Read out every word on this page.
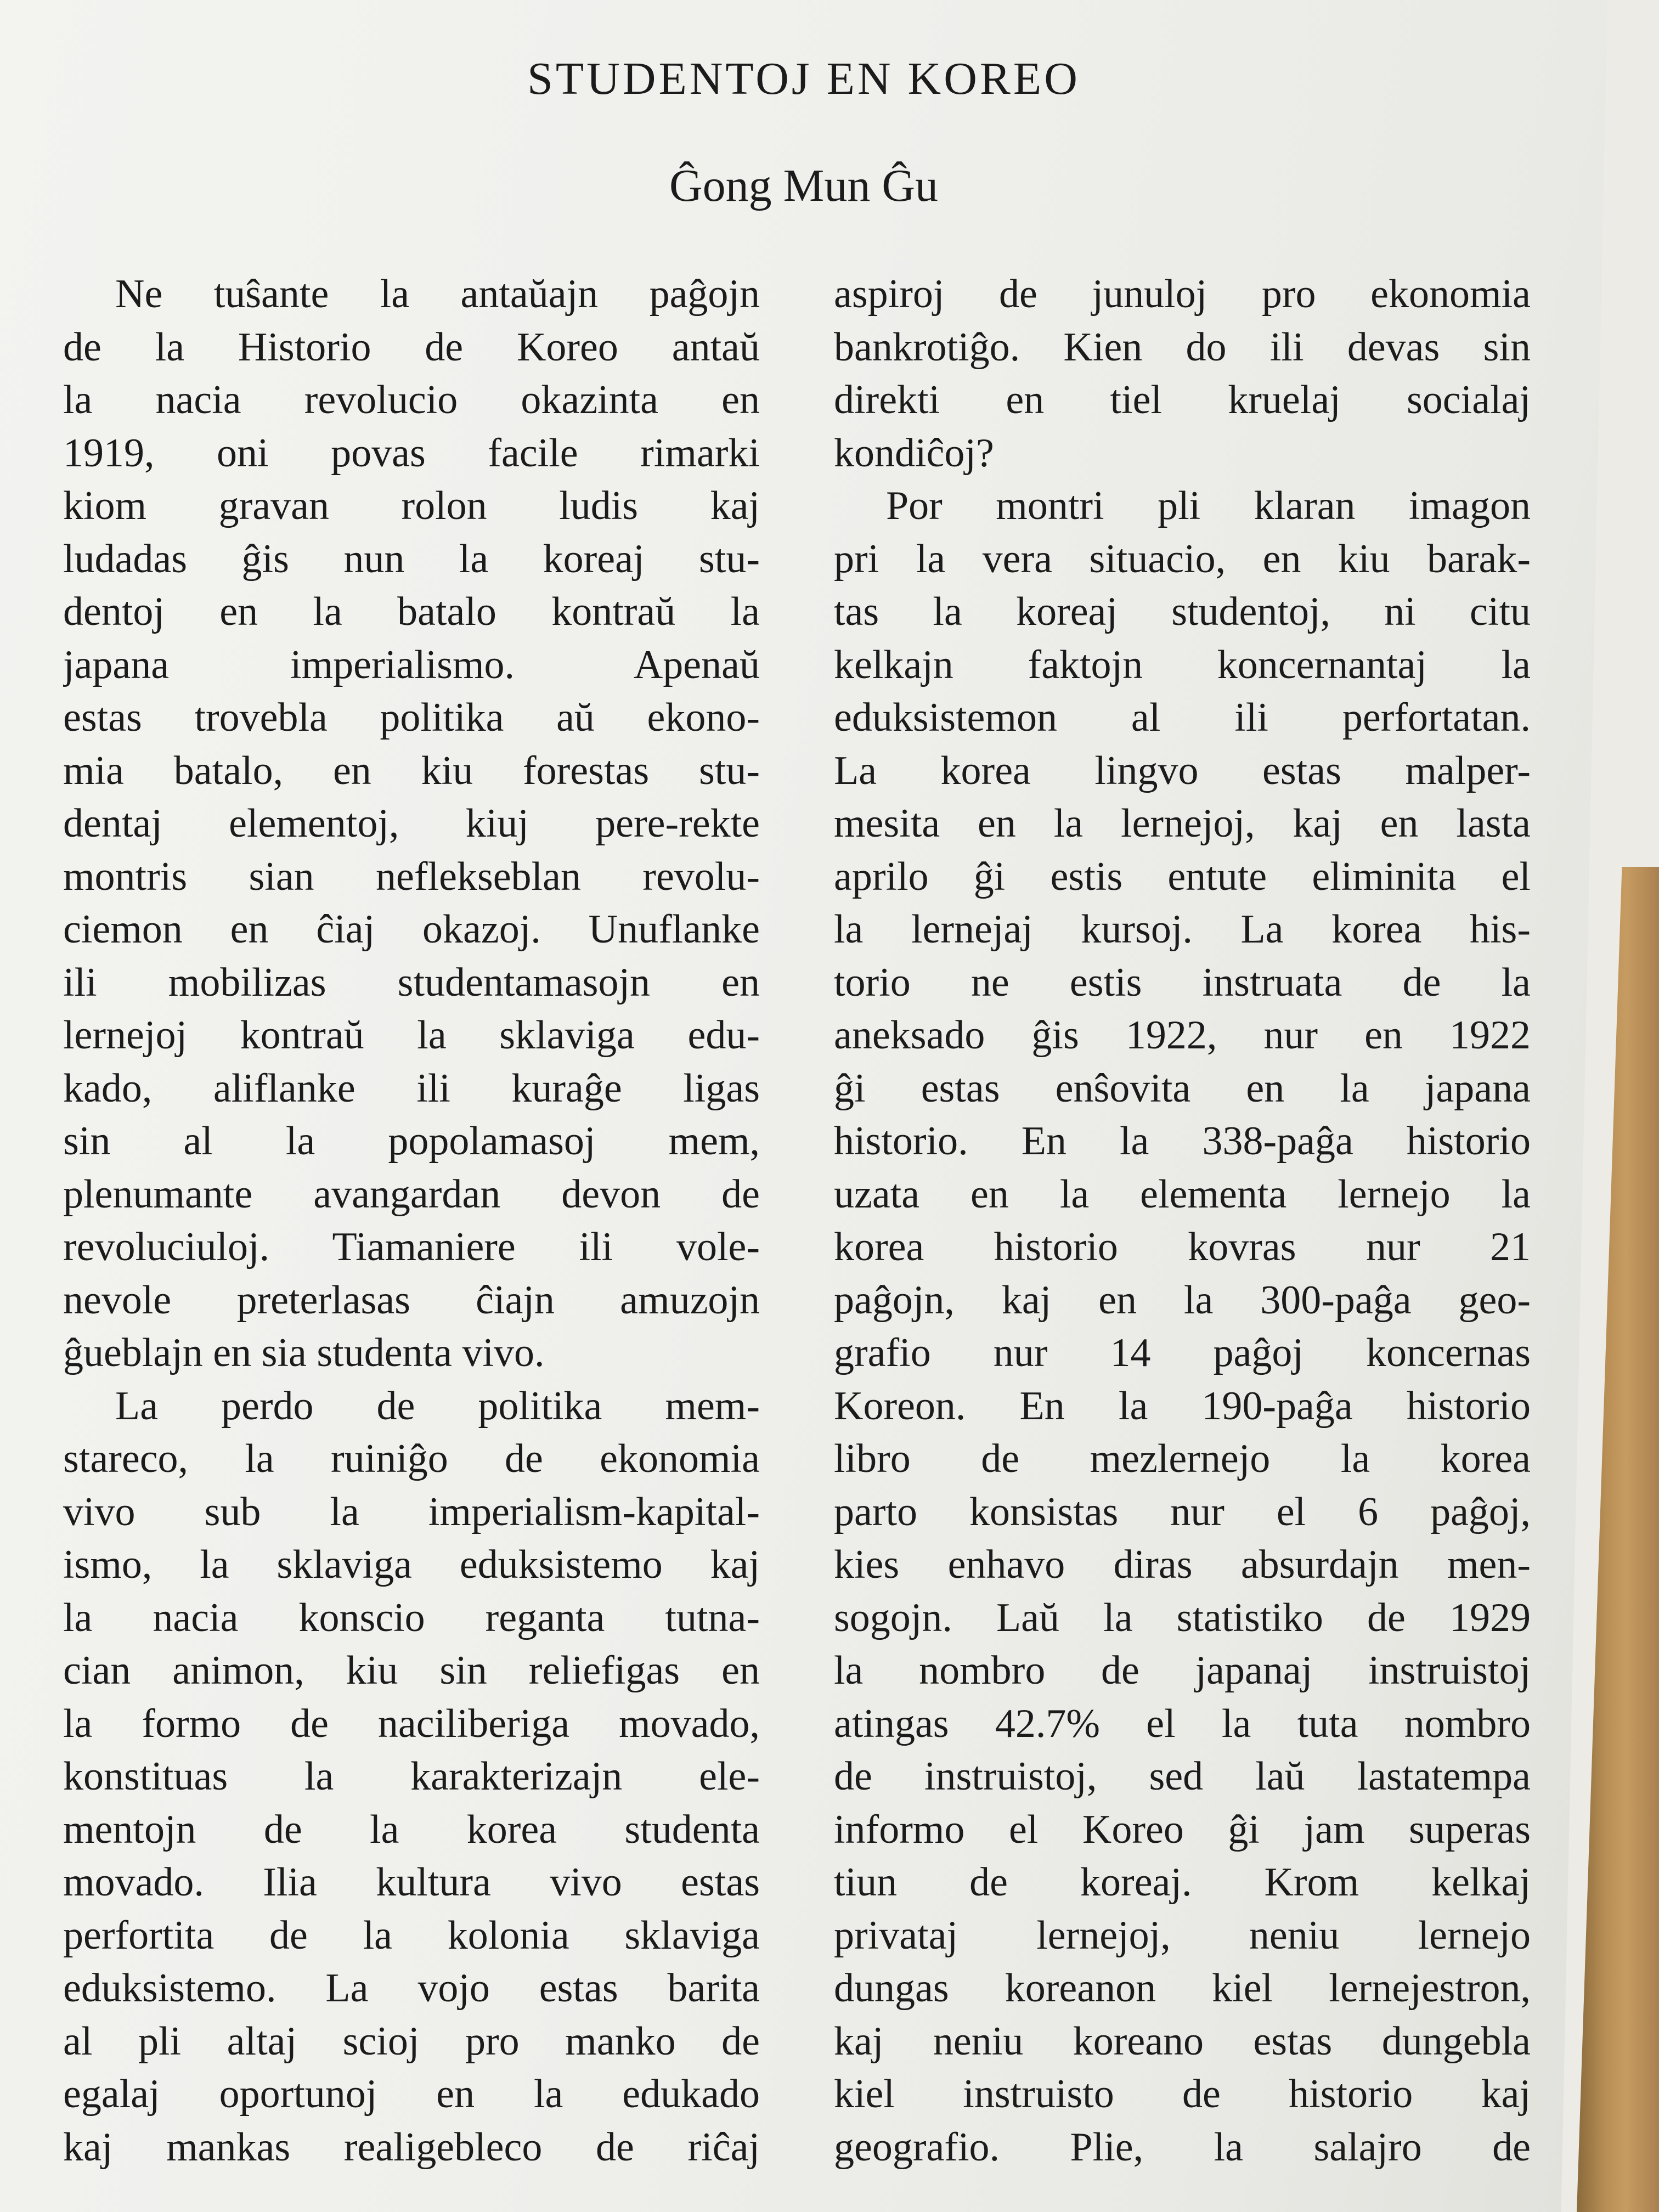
STUDENTOJ EN KOREO
Ĝong Mun Ĝu
Ne tuŝante la antaŭajn paĝojn
de la Historio de Koreo antaŭ
la nacia revolucio okazinta en
1919, oni povas facile rimarki
kiom gravan rolon ludis kaj
ludadas ĝis nun la koreaj stu-
dentoj en la batalo kontraŭ la
japana imperialismo. Apenaŭ
estas trovebla politika aŭ ekono-
mia batalo, en kiu forestas stu-
dentaj elementoj, kiuj pere-rekte
montris sian neflekseblan revolu-
ciemon en ĉiaj okazoj. Unuflanke
ili mobilizas studentamasojn en
lernejoj kontraŭ la sklaviga edu-
kado, aliflanke ili kuraĝe ligas
sin al la popolamasoj mem,
plenumante avangardan devon de
revoluciuloj. Tiamaniere ili vole-
nevole preterlasas ĉiajn amuzojn
ĝueblajn en sia studenta vivo.
La perdo de politika mem-
stareco, la ruiniĝo de ekonomia
vivo sub la imperialism-kapital-
ismo, la sklaviga eduksistemo kaj
la nacia konscio reganta tutna-
cian animon, kiu sin reliefigas en
la formo de naciliberiga movado,
konstituas la karakterizajn ele-
mentojn de la korea studenta
movado. Ilia kultura vivo estas
perfortita de la kolonia sklaviga
eduksistemo. La vojo estas barita
al pli altaj scioj pro manko de
egalaj oportunoj en la edukado
kaj mankas realigebleco de riĉaj
aspiroj de junuloj pro ekonomia
bankrotiĝo. Kien do ili devas sin
direkti en tiel kruelaj socialaj
kondiĉoj?
Por montri pli klaran imagon
pri la vera situacio, en kiu barak-
tas la koreaj studentoj, ni citu
kelkajn faktojn koncernantaj la
eduksistemon al ili perfortatan.
La korea lingvo estas malper-
mesita en la lernejoj, kaj en lasta
aprilo ĝi estis entute eliminita el
la lernejaj kursoj. La korea his-
torio ne estis instruata de la
aneksado ĝis 1922, nur en 1922
ĝi estas enŝovita en la japana
historio. En la 338-paĝa historio
uzata en la elementa lernejo la
korea historio kovras nur 21
paĝojn, kaj en la 300-paĝa geo-
grafio nur 14 paĝoj koncernas
Koreon. En la 190-paĝa historio
libro de mezlernejo la korea
parto konsistas nur el 6 paĝoj,
kies enhavo diras absurdajn men-
sogojn. Laŭ la statistiko de 1929
la nombro de japanaj instruistoj
atingas 42.7% el la tuta nombro
de instruistoj, sed laŭ lastatempa
informo el Koreo ĝi jam superas
tiun de koreaj. Krom kelkaj
privataj lernejoj, neniu lernejo
dungas koreanon kiel lernejestron,
kaj neniu koreano estas dungebla
kiel instruisto de historio kaj
geografio. Plie, la salajro de
